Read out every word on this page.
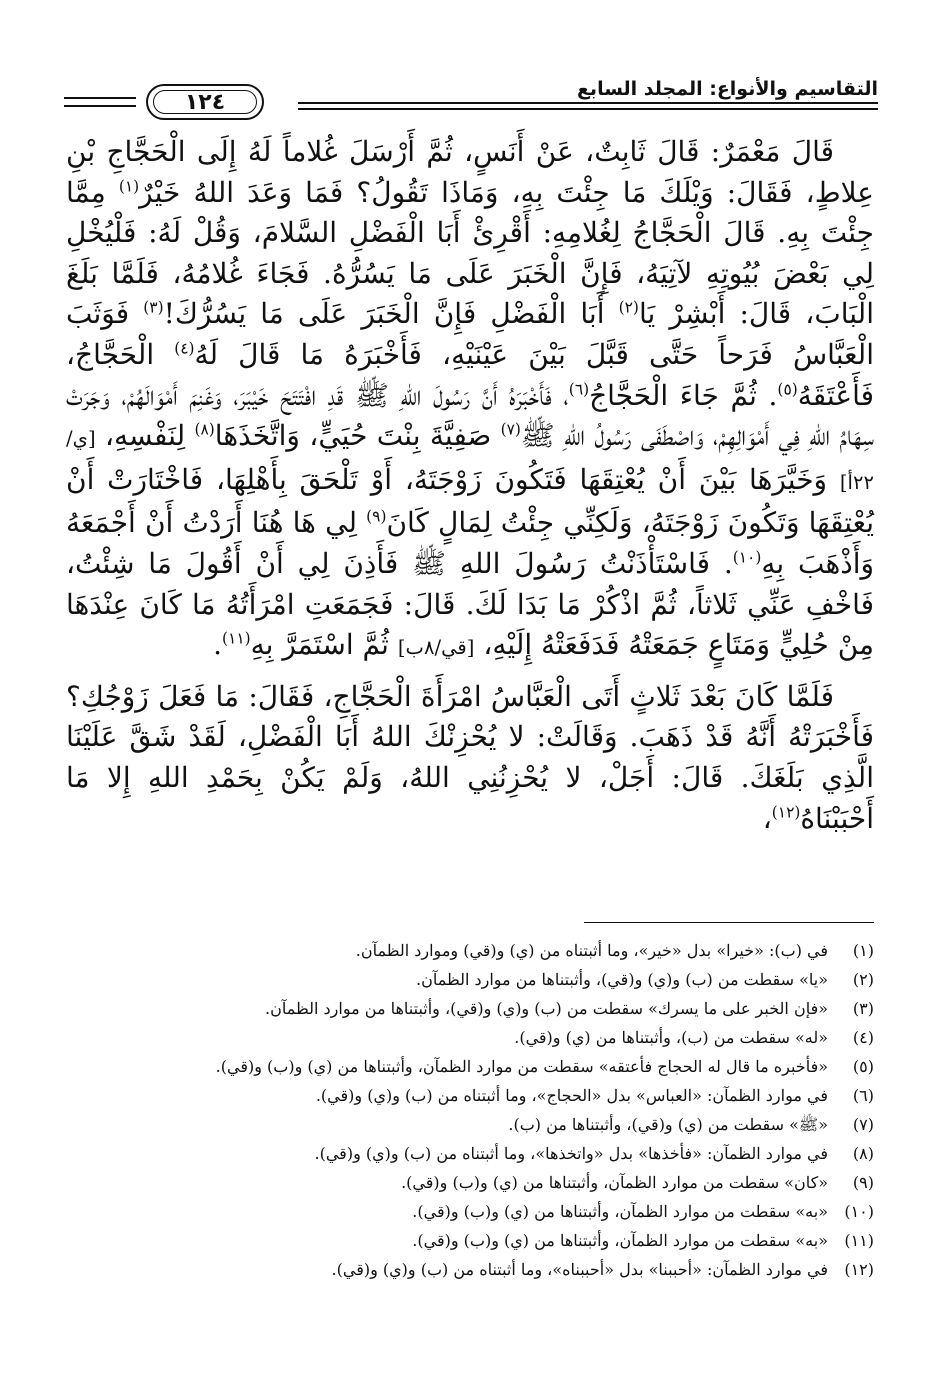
التقاسيم والأنواع: المجلد السابع
١٢٤

قَالَ مَعْمَرٌ: قَالَ ثَابِتٌ، عَنْ أَنَسٍ، ثُمَّ أَرْسَلَ غُلاماً لَهُ إِلَى الْحَجَّاجِ بْنِ عِلاطٍ، فَقَالَ: وَيْلَكَ مَا جِئْتَ بِهِ، وَمَاذَا تَقُولُ؟ فَمَا وَعَدَ اللهُ خَيْرٌ$^{(١)}$ مِمَّا جِئْتَ بِهِ. قَالَ الْحَجَّاجُ لِغُلامِهِ: أَقْرِئْ أَبَا الْفَضْلِ السَّلامَ، وَقُلْ لَهُ: فَلْيُخْلِ لِي بَعْضَ بُيُوتِهِ لآتِيَهُ، فَإِنَّ الْخَبَرَ عَلَى مَا يَسُرُّهُ. فَجَاءَ غُلامُهُ، فَلَمَّا بَلَغَ الْبَابَ، قَالَ: أَبْشِرْ يَا$^{(٢)}$ أَبَا الْفَضْلِ فَإِنَّ الْخَبَرَ عَلَى مَا يَسُرُّكَ!$^{(٣)}$ فَوَثَبَ الْعَبَّاسُ فَرَحاً حَتَّى قَبَّلَ بَيْنَ عَيْنَيْهِ، فَأَخْبَرَهُ مَا قَالَ لَهُ$^{(٤)}$ الْحَجَّاجُ، فَأَعْتَقَهُ$^{(٥)}$. ثُمَّ جَاءَ الْحَجَّاجُ$^{(٦)}$، فَأَخْبَرَهُ أَنَّ رَسُولَ اللهِ ﷺ قَدِ افْتَتَحَ خَيْبَرَ، وَغَنِمَ أَمْوَالَهُمْ، وَجَرَتْ سِهَامُ اللهِ فِي أَمْوَالِهِمْ، وَاصْطَفَى رَسُولُ اللهِ ﷺ$^{(٧)}$ صَفِيَّةَ بِنْتَ حُيَيٍّ، وَاتَّخَذَهَا$^{(٨)}$ لِنَفْسِهِ، [ي/٢٢أ] وَخَيَّرَهَا بَيْنَ أَنْ يُعْتِقَهَا فَتَكُونَ زَوْجَتَهُ، أَوْ تَلْحَقَ بِأَهْلِهَا، فَاخْتَارَتْ أَنْ يُعْتِقَهَا وَتَكُونَ زَوْجَتَهُ، وَلَكِنِّي جِئْتُ لِمَالٍ كَانَ$^{(٩)}$ لِي هَا هُنَا أَرَدْتُ أَنْ أَجْمَعَهُ وَأَذْهَبَ بِهِ$^{(١٠)}$. فَاسْتَأْذَنْتُ رَسُولَ اللهِ ﷺ فَأَذِنَ لِي أَنْ أَقُولَ مَا شِئْتُ، فَاخْفِ عَنِّي ثَلاثاً، ثُمَّ اذْكُرْ مَا بَدَا لَكَ. قَالَ: فَجَمَعَتِ امْرَأَتُهُ مَا كَانَ عِنْدَهَا مِنْ حُلِيٍّ وَمَتَاعٍ جَمَعَتْهُ فَدَفَعَتْهُ إِلَيْهِ، [قي/٨ب] ثُمَّ اسْتَمَرَّ بِهِ$^{(١١)}$.

فَلَمَّا كَانَ بَعْدَ ثَلاثٍ أَتَى الْعَبَّاسُ امْرَأَةَ الْحَجَّاجِ، فَقَالَ: مَا فَعَلَ زَوْجُكِ؟ فَأَخْبَرَتْهُ أَنَّهُ قَدْ ذَهَبَ. وَقَالَتْ: لا يُحْزِنْكَ اللهُ أَبَا الْفَضْلِ، لَقَدْ شَقَّ عَلَيْنَا الَّذِي بَلَغَكَ. قَالَ: أَجَلْ، لا يُحْزِنُنِي اللهُ، وَلَمْ يَكُنْ بِحَمْدِ اللهِ إِلا مَا أَحْبَبْنَاهُ$^{(١٢)}$،

(١)
في (ب): «خيرا» بدل «خير»، وما أثبتناه من (ي) و(قي) وموارد الظمآن.
(٢)
«يا» سقطت من (ب) و(ي) و(قي)، وأثبتناها من موارد الظمآن.
(٣)
«فإن الخبر على ما يسرك» سقطت من (ب) و(ي) و(قي)، وأثبتناها من موارد الظمآن.
(٤)
«له» سقطت من (ب)، وأثبتناها من (ي) و(قي).
(٥)
«فأخبره ما قال له الحجاج فأعتقه» سقطت من موارد الظمآن، وأثبتناها من (ي) و(ب) و(قي).
(٦)
في موارد الظمآن: «العباس» بدل «الحجاج»، وما أثبتناه من (ب) و(ي) و(قي).
(٧)
«ﷺ» سقطت من (ي) و(قي)، وأثبتناها من (ب).
(٨)
في موارد الظمآن: «فأخذها» بدل «واتخذها»، وما أثبتناه من (ب) و(ي) و(قي).
(٩)
«كان» سقطت من موارد الظمآن، وأثبتناها من (ي) و(ب) و(قي).
(١٠)
«به» سقطت من موارد الظمآن، وأثبتناها من (ي) و(ب) و(قي).
(١١)
«به» سقطت من موارد الظمآن، وأثبتناها من (ي) و(ب) و(قي).
(١٢)
في موارد الظمآن: «أحببنا» بدل «أحببناه»، وما أثبتناه من (ب) و(ي) و(قي).
